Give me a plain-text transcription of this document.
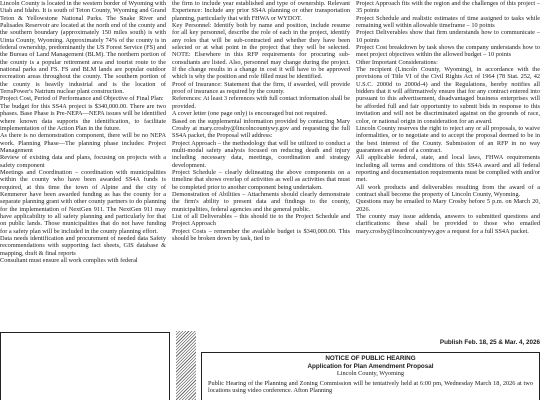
Lincoln County is located in the western border of Wyoming with Utah and Idaho. It is south of Teton County, Wyoming and Grand Teton & Yellowstone National Parks. The Snake River and Palisades Reservoir are located at the north end of the county and the southern boundary (approximately 150 miles south) is with Uinta County, Wyoming. Approximately 74% of the county is in federal ownership, predominantly the US Forest Service (FS) and the Bureau of Land Management (BLM). The northern portion of the county is a popular retirement area and tourist route to the national parks and FS. FS and BLM lands are popular outdoor recreation areas throughout the county. The southern portion of the county is heavily industrial and is the location of TerraPower's Natrium nuclear plant construction.

Project Cost, Period of Performance and Objective of Final Plan:

The budget for this SS4A project is $340,000.00. There are two phases. Base Phase is Pre-NEPA—NEPA issues will be identified where known data supports the identification, to facilitate implementation of the Action Plan in the future.

As there is no demonstration component, there will be no NEPA work. Planning Phase—The planning phase includes: Project Management

Review of existing data and plans, focusing on projects with a safety component

Meetings and Coordination – coordination with municipalities within the county who have been awarded SS4A funds is required, at this time the town of Alpine and the city of Kemmerer have been awarded funding as has the county for a separate planning grant with other county partners to do planning for the implementation of NextGen 911. The NextGen 911 may have applicability to all safety planning and particularly for that on public lands. Those municipalities that do not have funding for a safety plan will be included in the county planning effort.

Data needs identification and procurement of needed data Safety recommendations with supporting fact sheets, GIS database & mapping, draft & final reports

Consultant must ensure all work complies with federal

the firm to include year established and type of ownership. Relevant Experience: Include any prior SS4A planning or other transportation planning, particularly that with FHWA or WYDOT.

Key Personnel: Identify both by name and position, include resume for all key personnel, describe the role of each in the project, identify any roles that will be sub-contracted and whether they have been selected or at what point in the project that they will be selected. NOTE: Elsewhere in this RFP requirements for procuring sub-consultants are listed. Also, personnel may change during the project. If the change results in a change in cost it will have to be approved which is why the position and role filled must be identified.

Proof of Insurance: Statement that the firm, if awarded, will provide proof of insurance as required by the county.

References: At least 3 references with full contact information shall be provided.

A cover letter (one page only) is encouraged but not required.

Based on the supplemental information provided by contacting Mary Crosby at mary.crosby@lincolncountywy.gov and requesting the full SS4A packet, the Proposal will address:

Project Approach – the methodology that will be utilized to conduct a multi-modal safety analysis focused on reducing death and injury including necessary data, meetings, coordination and strategy development.

Project Schedule – clearly delineating the above components on a timeline that shows overlap of activities as well as activities that must be completed prior to another component being undertaken.

Demonstration of Abilities – Attachments should clearly demonstrate the firm's ability to present data and findings to the county, municipalities, federal agencies and the general public.

List of all Deliverables – this should tie to the Project Schedule and Project Approach

Project Costs – remember the available budget is $340,000.00. This should be broken down by task, tied to

Project Approach fits with the region and the challenges of this project – 35 points

Project Schedule and realistic estimates of time assigned to tasks while remaining well within allowable timeframe – 10 points

Project Deliverables show that firm understands how to communicate – 10 points

Project Cost breakdown by task shows the company understands how to meet project objectives within the allowed budget – 10 points

Other Important Considerations:

The recipient (Lincoln County, Wyoming), in accordance with the provisions of Title VI of the Civil Rights Act of 1964 (78 Stat. 252, 42 U.S.C. 2000d to 2000d-4) and the Regulations, hereby notifies all bidders that it will affirmatively ensure that for any contract entered into pursuant to this advertisement, disadvantaged business enterprises will be afforded full and fair opportunity to submit bids in response to this invitation and will not be discriminated against on the grounds of race, color, or national origin in consideration for an award.

Lincoln County reserves the right to reject any or all proposals, to waive informalities, or to negotiate and to accept the proposal deemed to be in the best interest of the County. Submission of an RFP in no way guarantees an award of a contract.

All applicable federal, state, and local laws, FHWA requirements including all terms and conditions of this SS4A award and all federal reporting and documentation requirements must be complied with and/or met.

All work products and deliverables resulting from the award of a contract shall become the property of Lincoln County, Wyoming.

Questions may be emailed to Mary Crosby before 5 p.m. on March 20, 2026.

The county may issue addenda, answers to submitted questions and clarifications: these shall be provided to those who emailed mary.crosby@lincolncountywy.gov a request for a full SS4A packet.

Publish Feb. 18, 25 & Mar. 4, 2026
NOTICE OF PUBLIC HEARING
Application for Plan Amendment Proposal
Lincoln County, Wyoming
Public Hearing of the Planning and Zoning Commission will be tentatively held at 6:00 pm, Wednesday March 18, 2026 at two locations using video conference. Afton Planning
